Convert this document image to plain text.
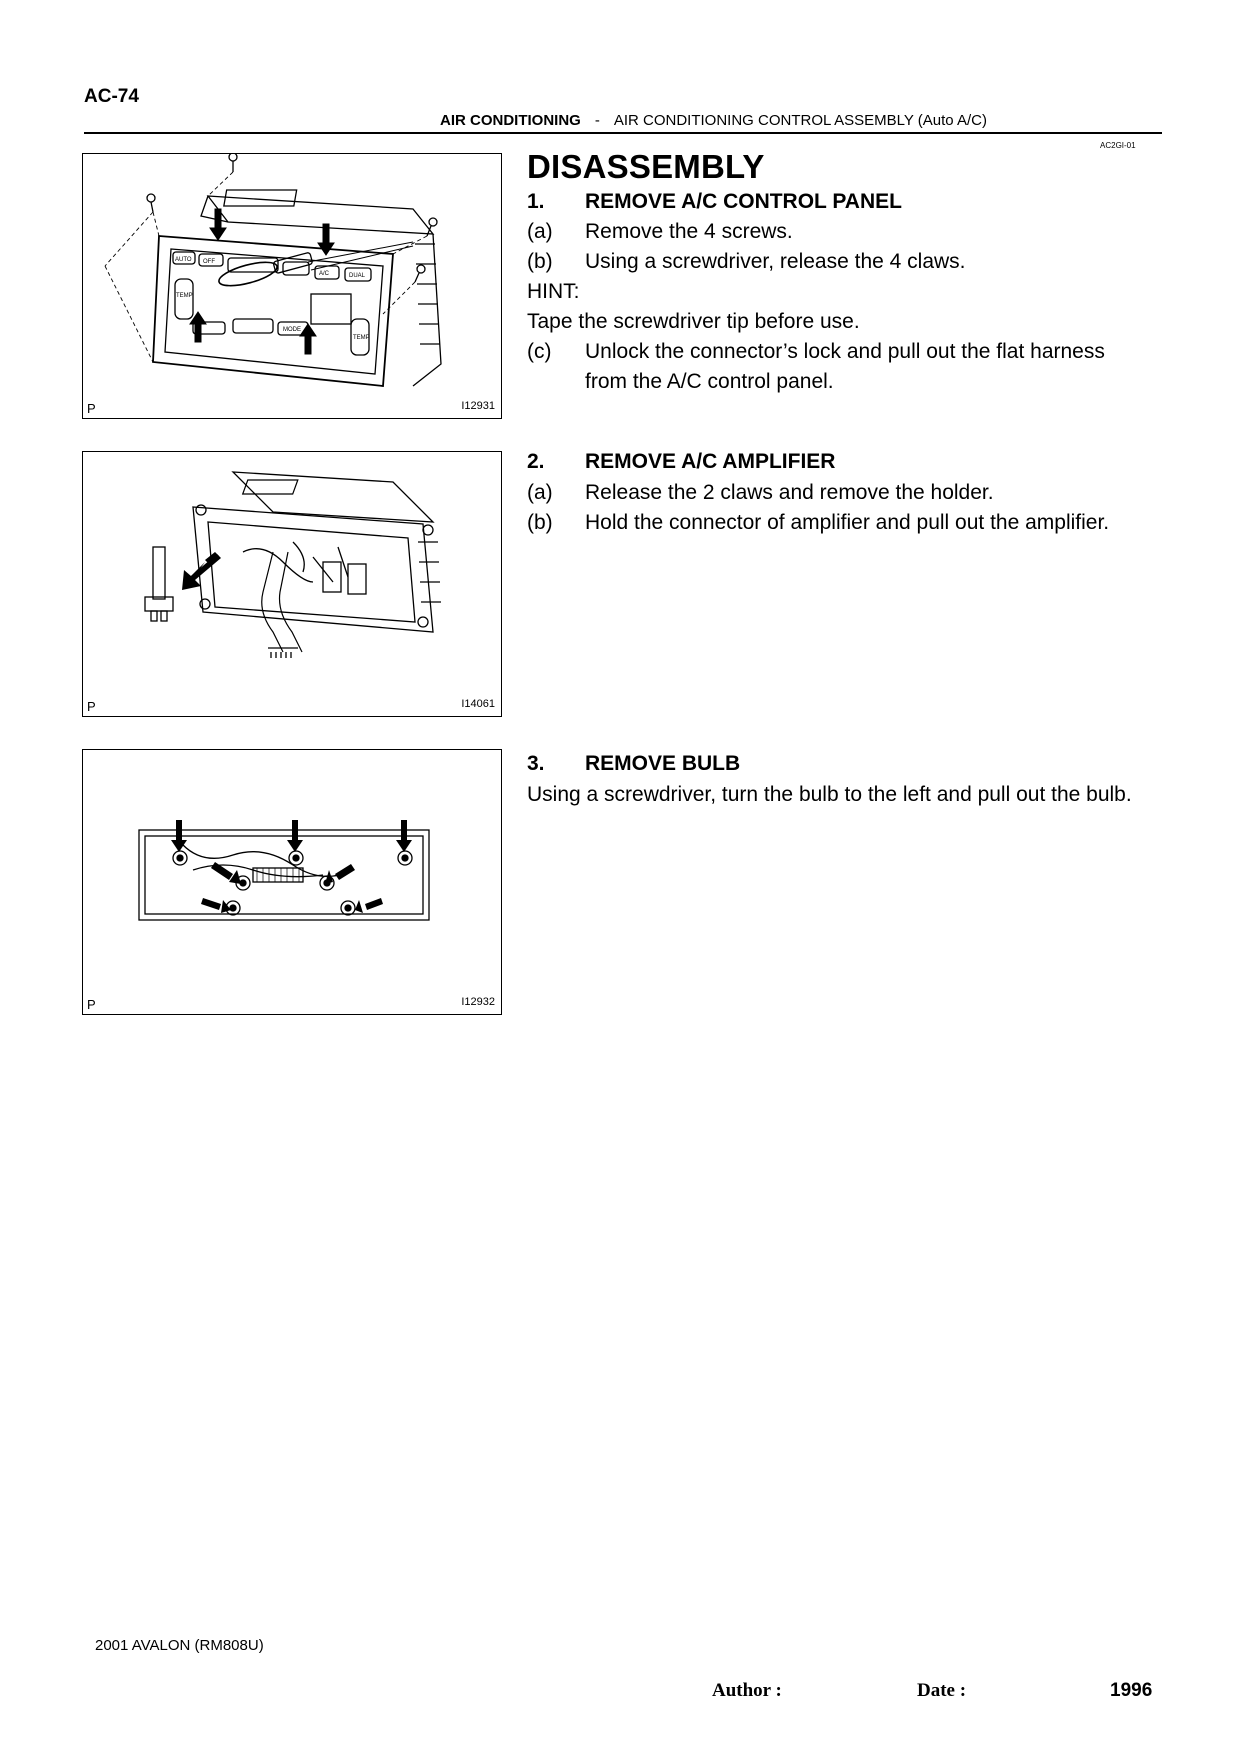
AC-74
AIR CONDITIONING - AIR CONDITIONING CONTROL ASSEMBLY (Auto A/C)
AC2GI-01
AUTO OFF
TEMP
A/C	DUAL
MODE
TEMP
P	I12931
P	I14061
P	I12932
DISASSEMBLY
1. REMOVE A/C CONTROL PANEL
(a) Remove the 4 screws.
(b) Using a screwdriver, release the 4 claws.
HINT:
Tape the screwdriver tip before use.
(c) Unlock the connector’s lock and pull out the flat harness
from the A/C control panel.
2. REMOVE A/C AMPLIFIER
(a) Release the 2 claws and remove the holder.
(b) Hold the connector of amplifier and pull out the amplifier.
3. REMOVE BULB
Using a screwdriver, turn the bulb to the left and pull out the bulb.
2001 AVALON (RM808U)
Author :	Date :	1996
